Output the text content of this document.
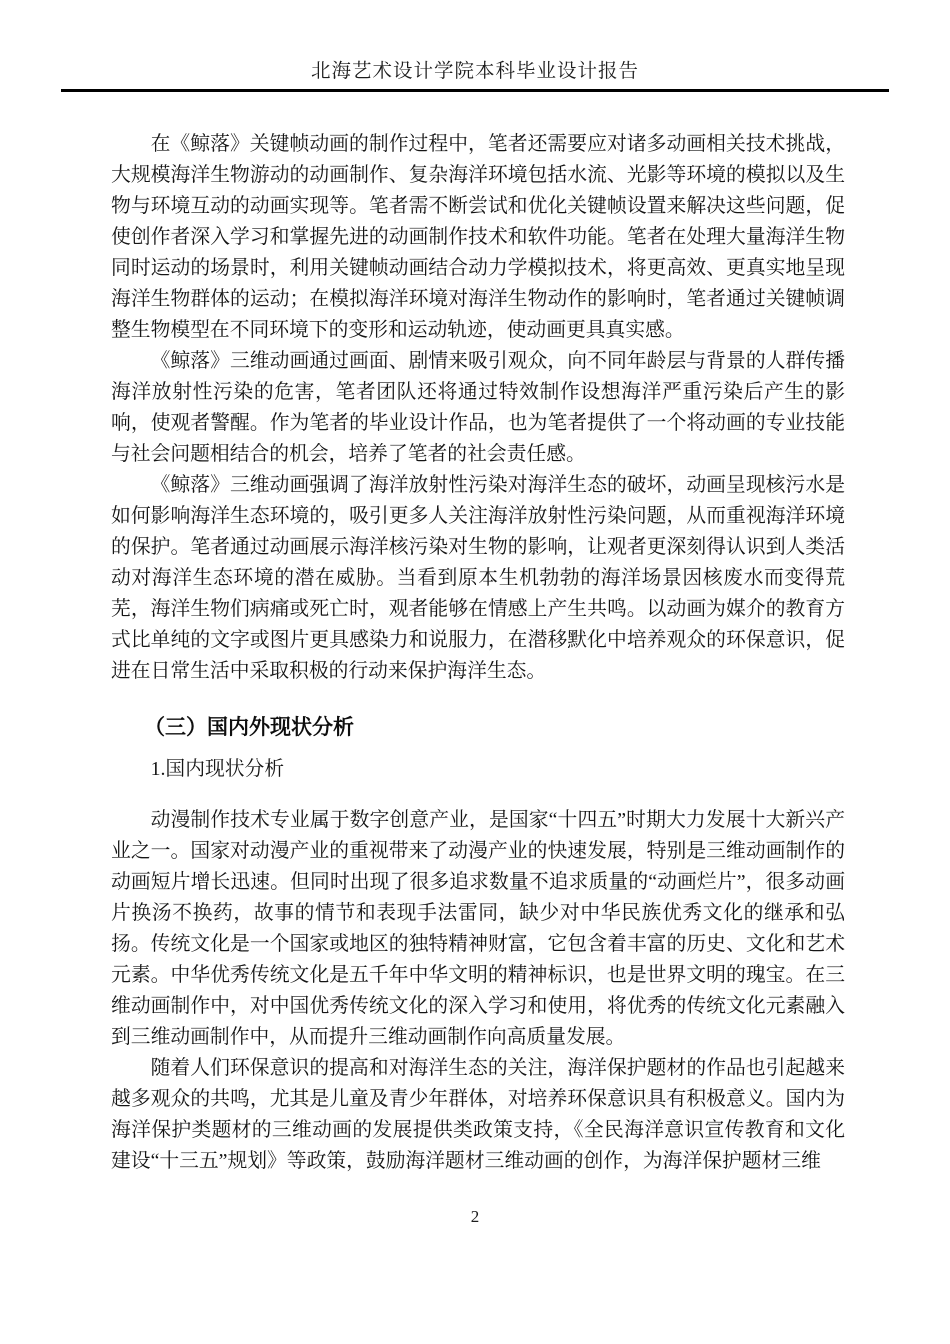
北海艺术设计学院本科毕业设计报告

在《鲸落》关键帧动画的制作过程中，笔者还需要应对诸多动画相关技术挑战，大规模海洋生物游动的动画制作、复杂海洋环境包括水流、光影等环境的模拟以及生物与环境互动的动画实现等。笔者需不断尝试和优化关键帧设置来解决这些问题，促使创作者深入学习和掌握先进的动画制作技术和软件功能。笔者在处理大量海洋生物同时运动的场景时，利用关键帧动画结合动力学模拟技术，将更高效、更真实地呈现海洋生物群体的运动；在模拟海洋环境对海洋生物动作的影响时，笔者通过关键帧调整生物模型在不同环境下的变形和运动轨迹，使动画更具真实感。

《鲸落》三维动画通过画面、剧情来吸引观众，向不同年龄层与背景的人群传播海洋放射性污染的危害，笔者团队还将通过特效制作设想海洋严重污染后产生的影响，使观者警醒。作为笔者的毕业设计作品，也为笔者提供了一个将动画的专业技能与社会问题相结合的机会，培养了笔者的社会责任感。

《鲸落》三维动画强调了海洋放射性污染对海洋生态的破坏，动画呈现核污水是如何影响海洋生态环境的，吸引更多人关注海洋放射性污染问题，从而重视海洋环境的保护。笔者通过动画展示海洋核污染对生物的影响，让观者更深刻得认识到人类活动对海洋生态环境的潜在威胁。当看到原本生机勃勃的海洋场景因核废水而变得荒芜，海洋生物们病痛或死亡时，观者能够在情感上产生共鸣。以动画为媒介的教育方式比单纯的文字或图片更具感染力和说服力，在潜移默化中培养观众的环保意识，促进在日常生活中采取积极的行动来保护海洋生态。

（三）国内外现状分析

1.国内现状分析

动漫制作技术专业属于数字创意产业，是国家“十四五”时期大力发展十大新兴产业之一。国家对动漫产业的重视带来了动漫产业的快速发展，特别是三维动画制作的动画短片增长迅速。但同时出现了很多追求数量不追求质量的“动画烂片”，很多动画片换汤不换药，故事的情节和表现手法雷同，缺少对中华民族优秀文化的继承和弘扬。传统文化是一个国家或地区的独特精神财富，它包含着丰富的历史、文化和艺术元素。中华优秀传统文化是五千年中华文明的精神标识，也是世界文明的瑰宝。在三维动画制作中，对中国优秀传统文化的深入学习和使用，将优秀的传统文化元素融入到三维动画制作中，从而提升三维动画制作向高质量发展。

随着人们环保意识的提高和对海洋生态的关注，海洋保护题材的作品也引起越来越多观众的共鸣，尤其是儿童及青少年群体，对培养环保意识具有积极意义。国内为海洋保护类题材的三维动画的发展提供类政策支持，《全民海洋意识宣传教育和文化建设“十三五”规划》等政策，鼓励海洋题材三维动画的创作，为海洋保护题材三维

2
